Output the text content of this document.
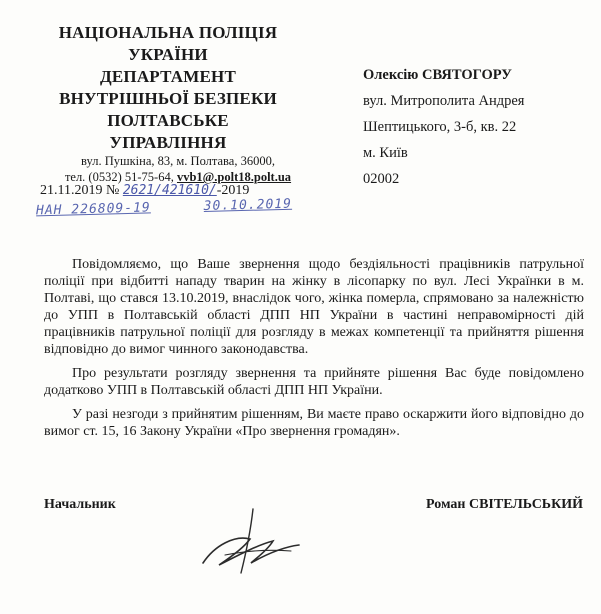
НАЦІОНАЛЬНА ПОЛІЦІЯ
УКРАЇНИ
ДЕПАРТАМЕНТ
ВНУТРІШНЬОЇ БЕЗПЕКИ
ПОЛТАВСЬКЕ
УПРАВЛІННЯ
вул. Пушкіна, 83, м. Полтава, 36000,
тел. (0532) 51-75-64, vvb1@.polt18.polt.ua
21.11.2019 № 2621/421610/-2019
НАН 226809-19	30.10.2019
Олексію СВЯТОГОРУ
вул. Митрополита Андрея
Шептицького, 3-б, кв. 22
м. Київ
02002

Повідомляємо, що Ваше звернення щодо бездіяльності працівників патрульної поліції при відбитті нападу тварин на жінку в лісопарку по вул. Лесі Українки в м. Полтаві, що стався 13.10.2019, внаслідок чого, жінка померла, спрямовано за належністю до УПП в Полтавській області ДПП НП України в частині неправомірності дій працівників патрульної поліції для розгляду в межах компетенції та прийняття рішення відповідно до вимог чинного законодавства.

Про результати розгляду звернення та прийняте рішення Вас буде повідомлено додатково УПП в Полтавській області ДПП НП України.

У разі незгоди з прийнятим рішенням, Ви маєте право оскаржити його відповідно до вимог ст. 15, 16 Закону України «Про звернення громадян».

Начальник	Роман СВІТЕЛЬСЬКИЙ
